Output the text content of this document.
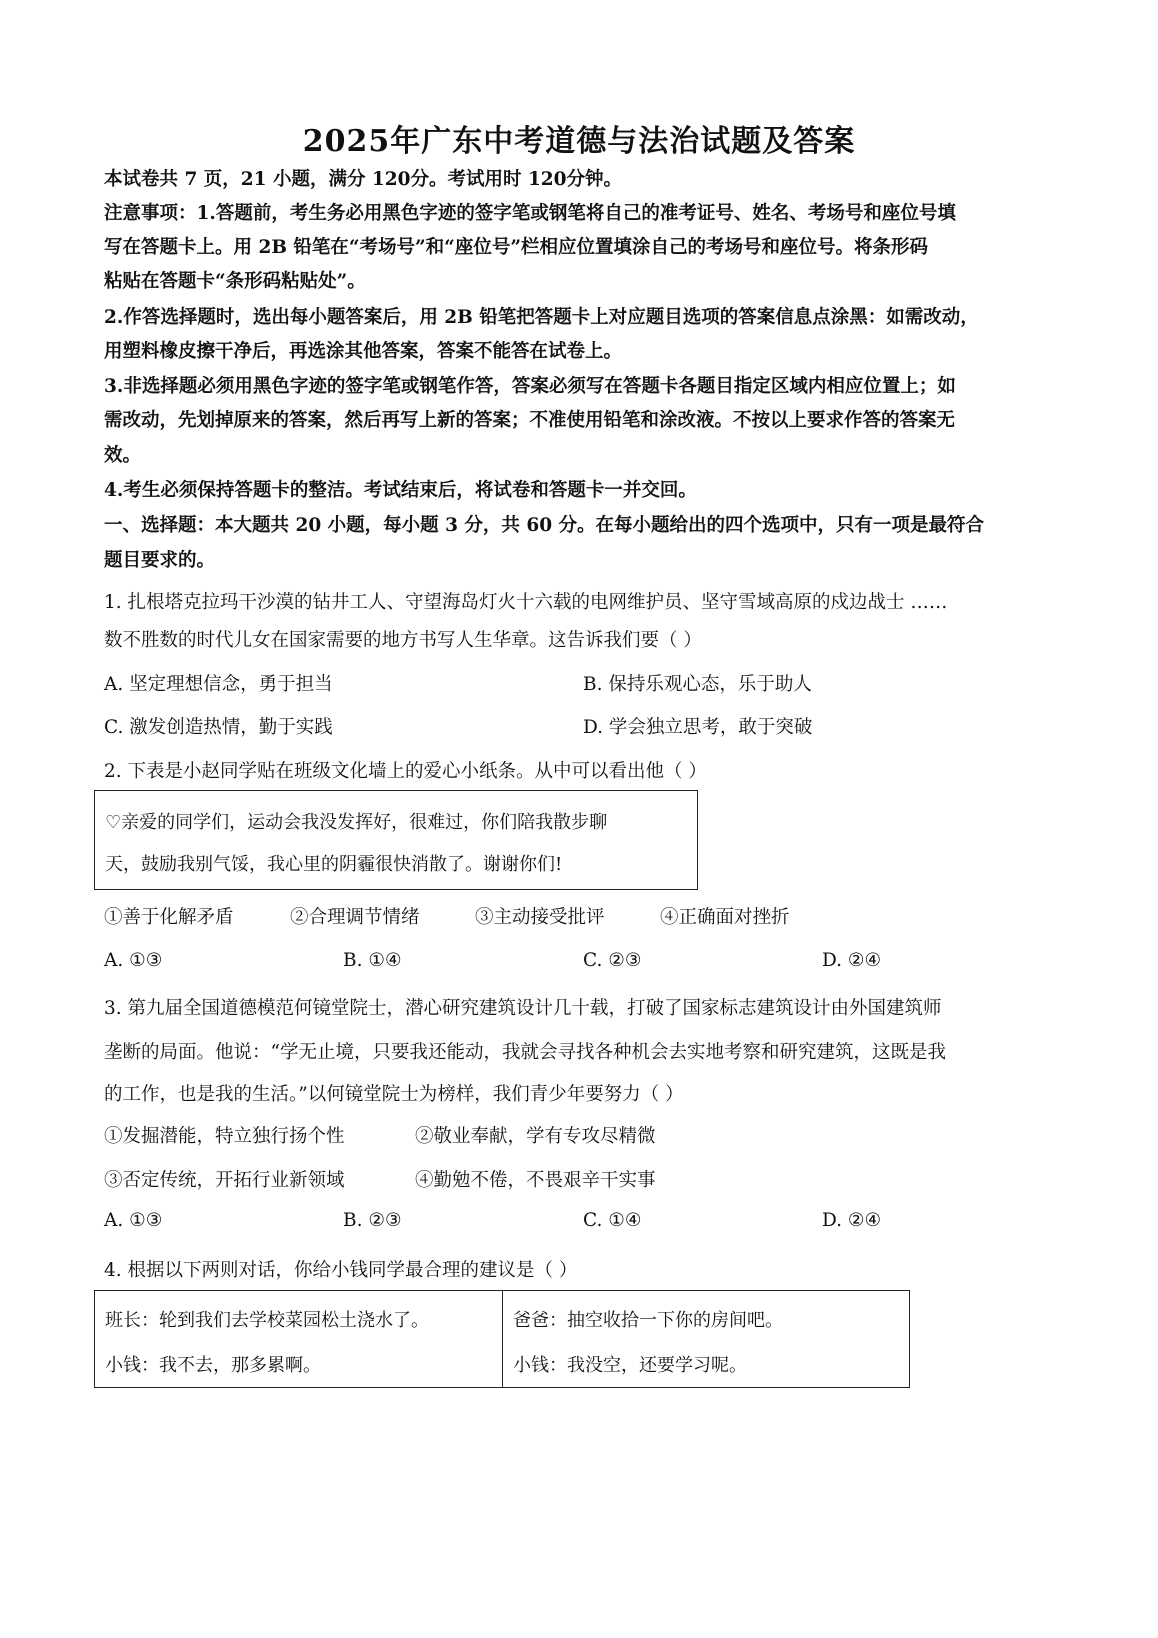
2025年广东中考道德与法治试题及答案
本试卷共 7 页，21 小题，满分 120分。考试用时 120分钟。
注意事项：1.答题前，考生务必用黑色字迹的签字笔或钢笔将自己的准考证号、姓名、考场号和座位号填
写在答题卡上。用 2B 铅笔在“考场号”和“座位号”栏相应位置填涂自己的考场号和座位号。将条形码
粘贴在答题卡“条形码粘贴处”。
2.作答选择题时，选出每小题答案后，用 2B 铅笔把答题卡上对应题目选项的答案信息点涂黑：如需改动，
用塑料橡皮擦干净后，再选涂其他答案，答案不能答在试卷上。
3.非选择题必须用黑色字迹的签字笔或钢笔作答，答案必须写在答题卡各题目指定区域内相应位置上；如
需改动，先划掉原来的答案，然后再写上新的答案；不准使用铅笔和涂改液。不按以上要求作答的答案无
效。
4.考生必须保持答题卡的整洁。考试结束后，将试卷和答题卡一并交回。
一、选择题：本大题共 20 小题，每小题 3 分，共 60 分。在每小题给出的四个选项中，只有一项是最符合
题目要求的。
1. 扎根塔克拉玛干沙漠的钻井工人、守望海岛灯火十六载的电网维护员、坚守雪域高原的戍边战士 ……
数不胜数的时代儿女在国家需要的地方书写人生华章。这告诉我们要（ ）
A. 坚定理想信念，勇于担当	B. 保持乐观心态，乐于助人
C. 激发创造热情，勤于实践	D. 学会独立思考，敢于突破
2. 下表是小赵同学贴在班级文化墙上的爱心小纸条。从中可以看出他（ ）
♡亲爱的同学们，运动会我没发挥好，很难过，你们陪我散步聊
天，鼓励我别气馁，我心里的阴霾很快消散了。谢谢你们!
①善于化解矛盾	②合理调节情绪	③主动接受批评	④正确面对挫折
A. ①③	B. ①④	C. ②③	D. ②④
3. 第九届全国道德模范何镜堂院士，潜心研究建筑设计几十载，打破了国家标志建筑设计由外国建筑师
垄断的局面。他说：“学无止境，只要我还能动，我就会寻找各种机会去实地考察和研究建筑，这既是我
的工作，也是我的生活。”以何镜堂院士为榜样，我们青少年要努力（ ）
①发掘潜能，特立独行扬个性	②敬业奉献，学有专攻尽精微
③否定传统，开拓行业新领域	④勤勉不倦，不畏艰辛干实事
A. ①③	B. ②③	C. ①④	D. ②④
4. 根据以下两则对话，你给小钱同学最合理的建议是（ ）
班长：轮到我们去学校菜园松土浇水了。
小钱：我不去，那多累啊。
爸爸：抽空收拾一下你的房间吧。
小钱：我没空，还要学习呢。
